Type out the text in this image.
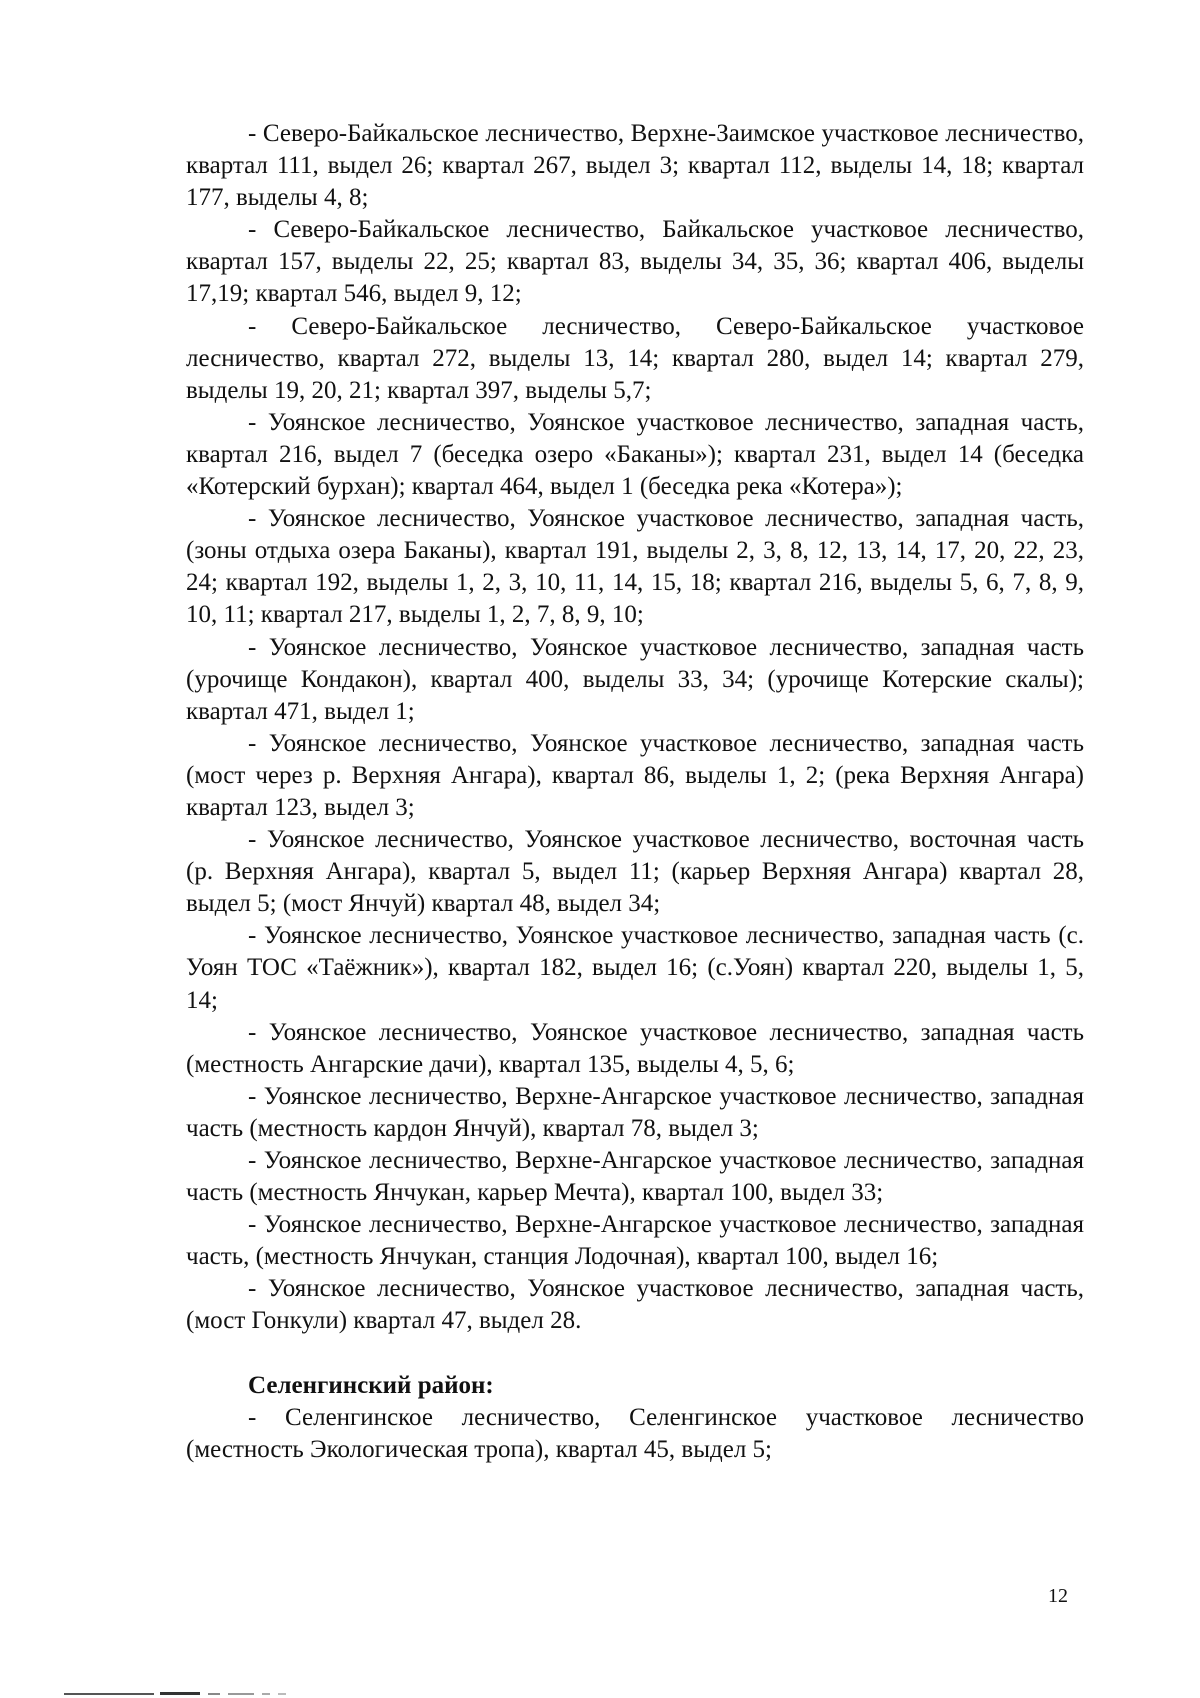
- Северо-Байкальское лесничество, Верхне-Заимское участковое лесничество, квартал 111, выдел 26; квартал 267, выдел 3; квартал 112, выделы 14, 18; квартал 177, выделы 4, 8;

- Северо-Байкальское лесничество, Байкальское участковое лесничество, квартал 157, выделы 22, 25; квартал 83, выделы 34, 35, 36; квартал 406, выделы 17,19; квартал 546, выдел 9, 12;

- Северо-Байкальское лесничество, Северо-Байкальское участковое лесничество, квартал 272, выделы 13, 14; квартал 280, выдел 14; квартал 279, выделы 19, 20, 21; квартал 397, выделы 5,7;

- Уоянское лесничество, Уоянское участковое лесничество, западная часть, квартал 216, выдел 7 (беседка озеро «Баканы»); квартал 231, выдел 14 (беседка «Котерский бурхан); квартал 464, выдел 1 (беседка река «Котера»);

- Уоянское лесничество, Уоянское участковое лесничество, западная часть, (зоны отдыха озера Баканы), квартал 191, выделы 2, 3, 8, 12, 13, 14, 17, 20, 22, 23, 24; квартал 192, выделы 1, 2, 3, 10, 11, 14, 15, 18; квартал 216, выделы 5, 6, 7, 8, 9, 10, 11; квартал 217, выделы 1, 2, 7, 8, 9, 10;

- Уоянское лесничество, Уоянское участковое лесничество, западная часть (урочище Кондакон), квартал 400, выделы 33, 34; (урочище Котерские скалы); квартал 471, выдел 1;

- Уоянское лесничество, Уоянское участковое лесничество, западная часть (мост через р. Верхняя Ангара), квартал 86, выделы 1, 2; (река Верхняя Ангара) квартал 123, выдел 3;

- Уоянское лесничество, Уоянское участковое лесничество, восточная часть (р. Верхняя Ангара), квартал 5, выдел 11; (карьер Верхняя Ангара) квартал 28, выдел 5; (мост Янчуй) квартал 48, выдел 34;

- Уоянское лесничество, Уоянское участковое лесничество, западная часть (с. Уоян ТОС «Таёжник»), квартал 182, выдел 16; (с.Уоян) квартал 220, выделы 1, 5, 14;

- Уоянское лесничество, Уоянское участковое лесничество, западная часть (местность Ангарские дачи), квартал 135, выделы 4, 5, 6;

- Уоянское лесничество, Верхне-Ангарское участковое лесничество, западная часть (местность кардон Янчуй), квартал 78, выдел 3;

- Уоянское лесничество, Верхне-Ангарское участковое лесничество, западная часть (местность Янчукан, карьер Мечта), квартал 100, выдел 33;

- Уоянское лесничество, Верхне-Ангарское участковое лесничество, западная часть, (местность Янчукан, станция Лодочная), квартал 100, выдел 16;

- Уоянское лесничество, Уоянское участковое лесничество, западная часть, (мост Гонкули) квартал 47, выдел 28.

Селенгинский район:

- Селенгинское лесничество, Селенгинское участковое лесничество (местность Экологическая тропа), квартал 45, выдел 5;

12
